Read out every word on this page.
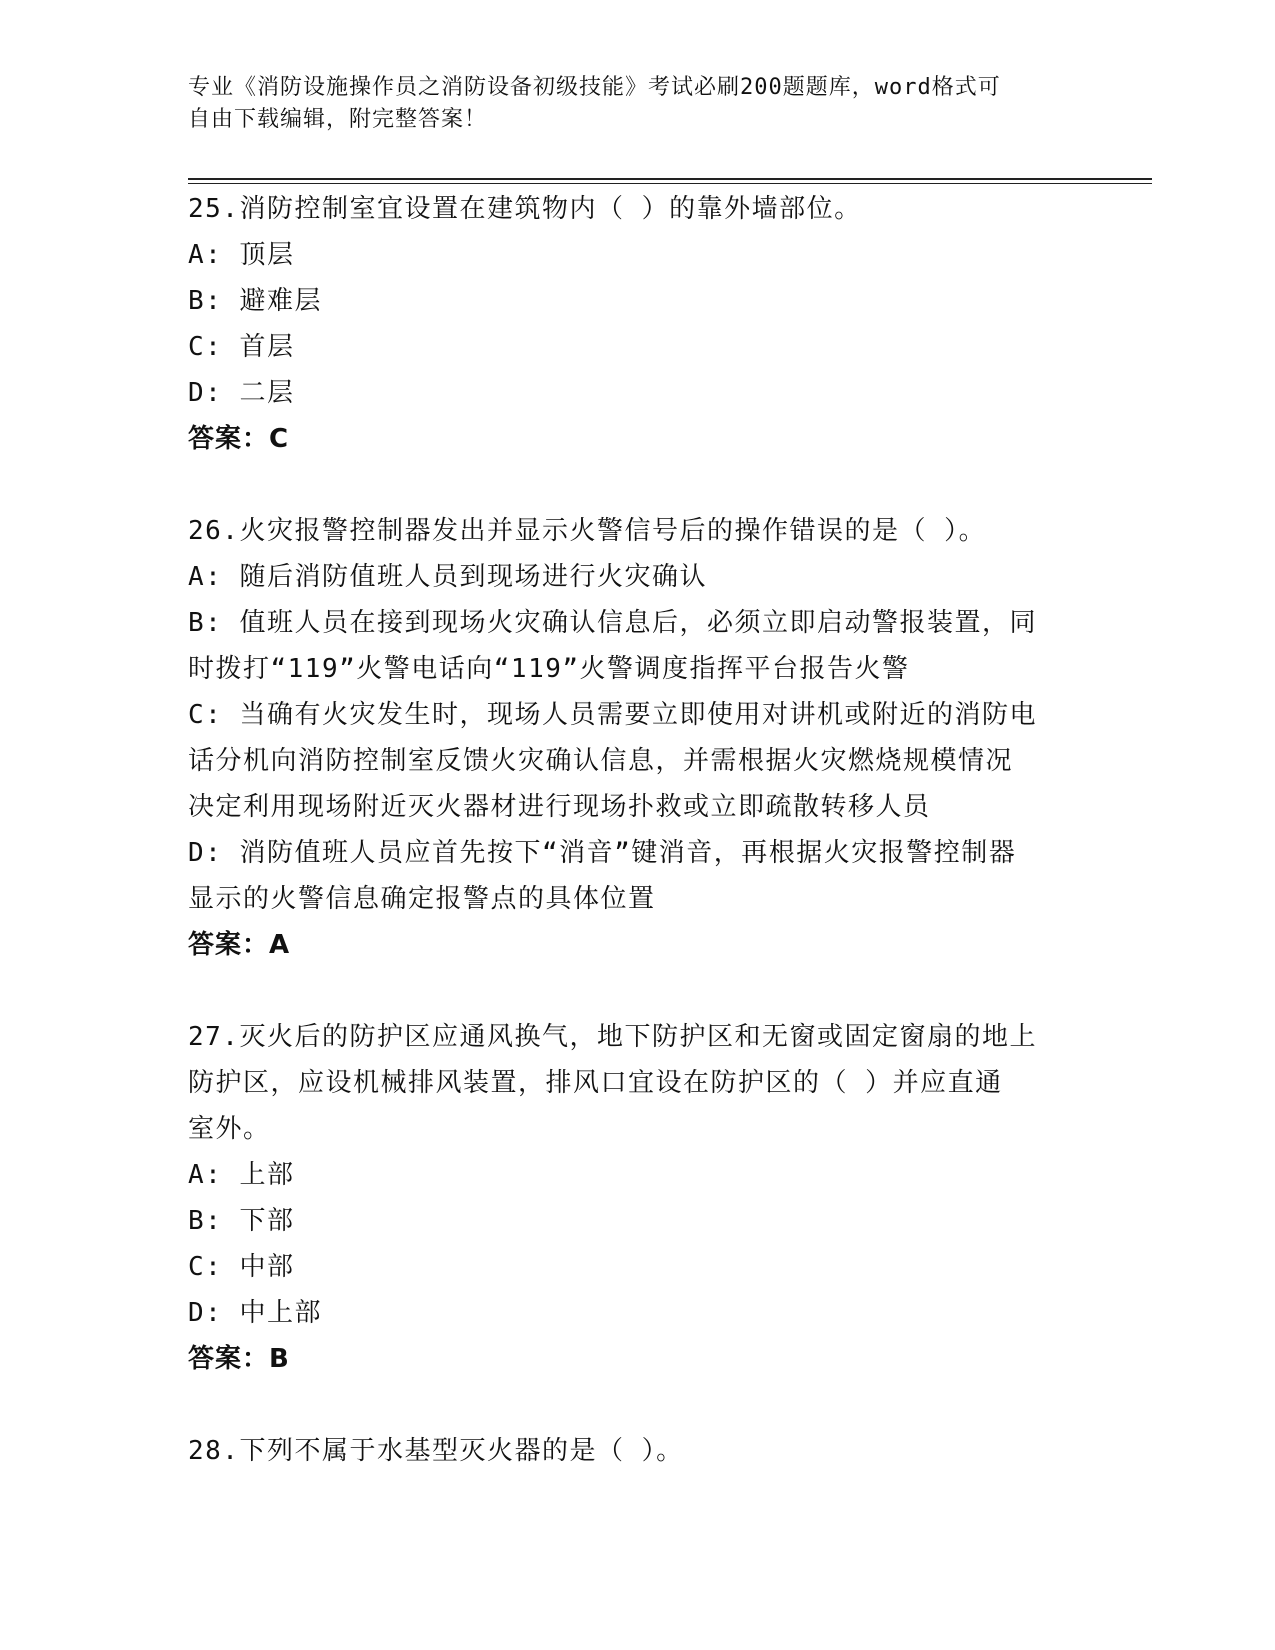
专业《消防设施操作员之消防设备初级技能》考试必刷200题题库，word格式可
自由下载编辑，附完整答案！
25.消防控制室宜设置在建筑物内（ ）的靠外墙部位。
A: 顶层
B: 避难层
C: 首层
D: 二层
答案：C
26.火灾报警控制器发出并显示火警信号后的操作错误的是（ ）。
A: 随后消防值班人员到现场进行火灾确认
B: 值班人员在接到现场火灾确认信息后，必须立即启动警报装置，同
时拨打“119”火警电话向“119”火警调度指挥平台报告火警
C: 当确有火灾发生时，现场人员需要立即使用对讲机或附近的消防电
话分机向消防控制室反馈火灾确认信息，并需根据火灾燃烧规模情况
决定利用现场附近灭火器材进行现场扑救或立即疏散转移人员
D: 消防值班人员应首先按下“消音”键消音，再根据火灾报警控制器
显示的火警信息确定报警点的具体位置
答案：A
27.灭火后的防护区应通风换气，地下防护区和无窗或固定窗扇的地上
防护区，应设机械排风装置，排风口宜设在防护区的（ ）并应直通
室外。
A: 上部
B: 下部
C: 中部
D: 中上部
答案：B
28.下列不属于水基型灭火器的是（ ）。
